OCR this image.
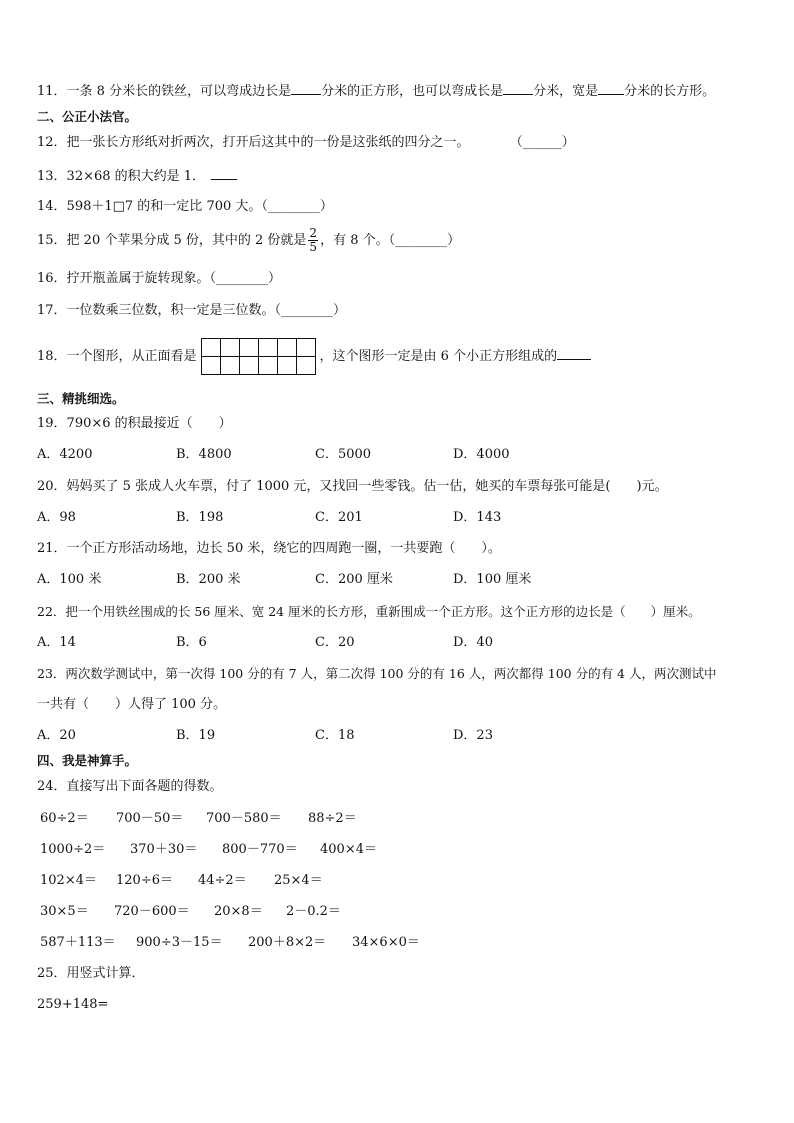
11．一条 8 分米长的铁丝，可以弯成边长是 分米的正方形，也可以弯成长是 分米，宽是 分米的长方形。
二、公正小法官。
12．把一张长方形纸对折两次，打开后这其中的一份是这张纸的四分之一。	（______）
13．32×68 的积大约是 1．
14．598＋1□7 的和一定比 700 大。（________）
15．把 20 个苹果分成 5 份，其中的 2 份就是 $\frac{2}{5}$ ，有 8 个。（________）
16．拧开瓶盖属于旋转现象。（________）
17．一位数乘三位数，积一定是三位数。（________）
18．一个图形，从正面看是					
						，这个图形一定是由 6 个小正方形组成的
三、精挑细选。
19．790×6 的积最接近（　　）
A．4200	B．4800	C．5000	D．4000
20．妈妈买了 5 张成人火车票，付了 1000 元，又找回一些零钱。估一估，她买的车票每张可能是(　　)元。
A．98	B．198	C．201	D．143
21．一个正方形活动场地，边长 50 米，绕它的四周跑一圈，一共要跑（　　）。
A．100 米	B．200 米	C．200 厘米	D．100 厘米
22．把一个用铁丝围成的长 56 厘米、宽 24 厘米的长方形，重新围成一个正方形。这个正方形的边长是（　　）厘米。
A．14	B．6	C．20	D．40
23．两次数学测试中，第一次得 100 分的有 7 人，第二次得 100 分的有 16 人，两次都得 100 分的有 4 人，两次测试中
一共有（　　）人得了 100 分。
A．20	B．19	C．18	D．23
四、我是神算手。
24．直接写出下面各题的得数。
60÷2＝ 700－50＝ 700－580＝ 88÷2＝
1000÷2＝ 370＋30＝ 800－770＝ 400×4＝
102×4＝ 120÷6＝ 44÷2＝ 25×4＝
30×5＝ 720－600＝ 20×8＝ 2－0.2＝
587＋113＝ 900÷3－15＝ 200＋8×2＝ 34×6×0＝
25．用竖式计算．
259+148=
